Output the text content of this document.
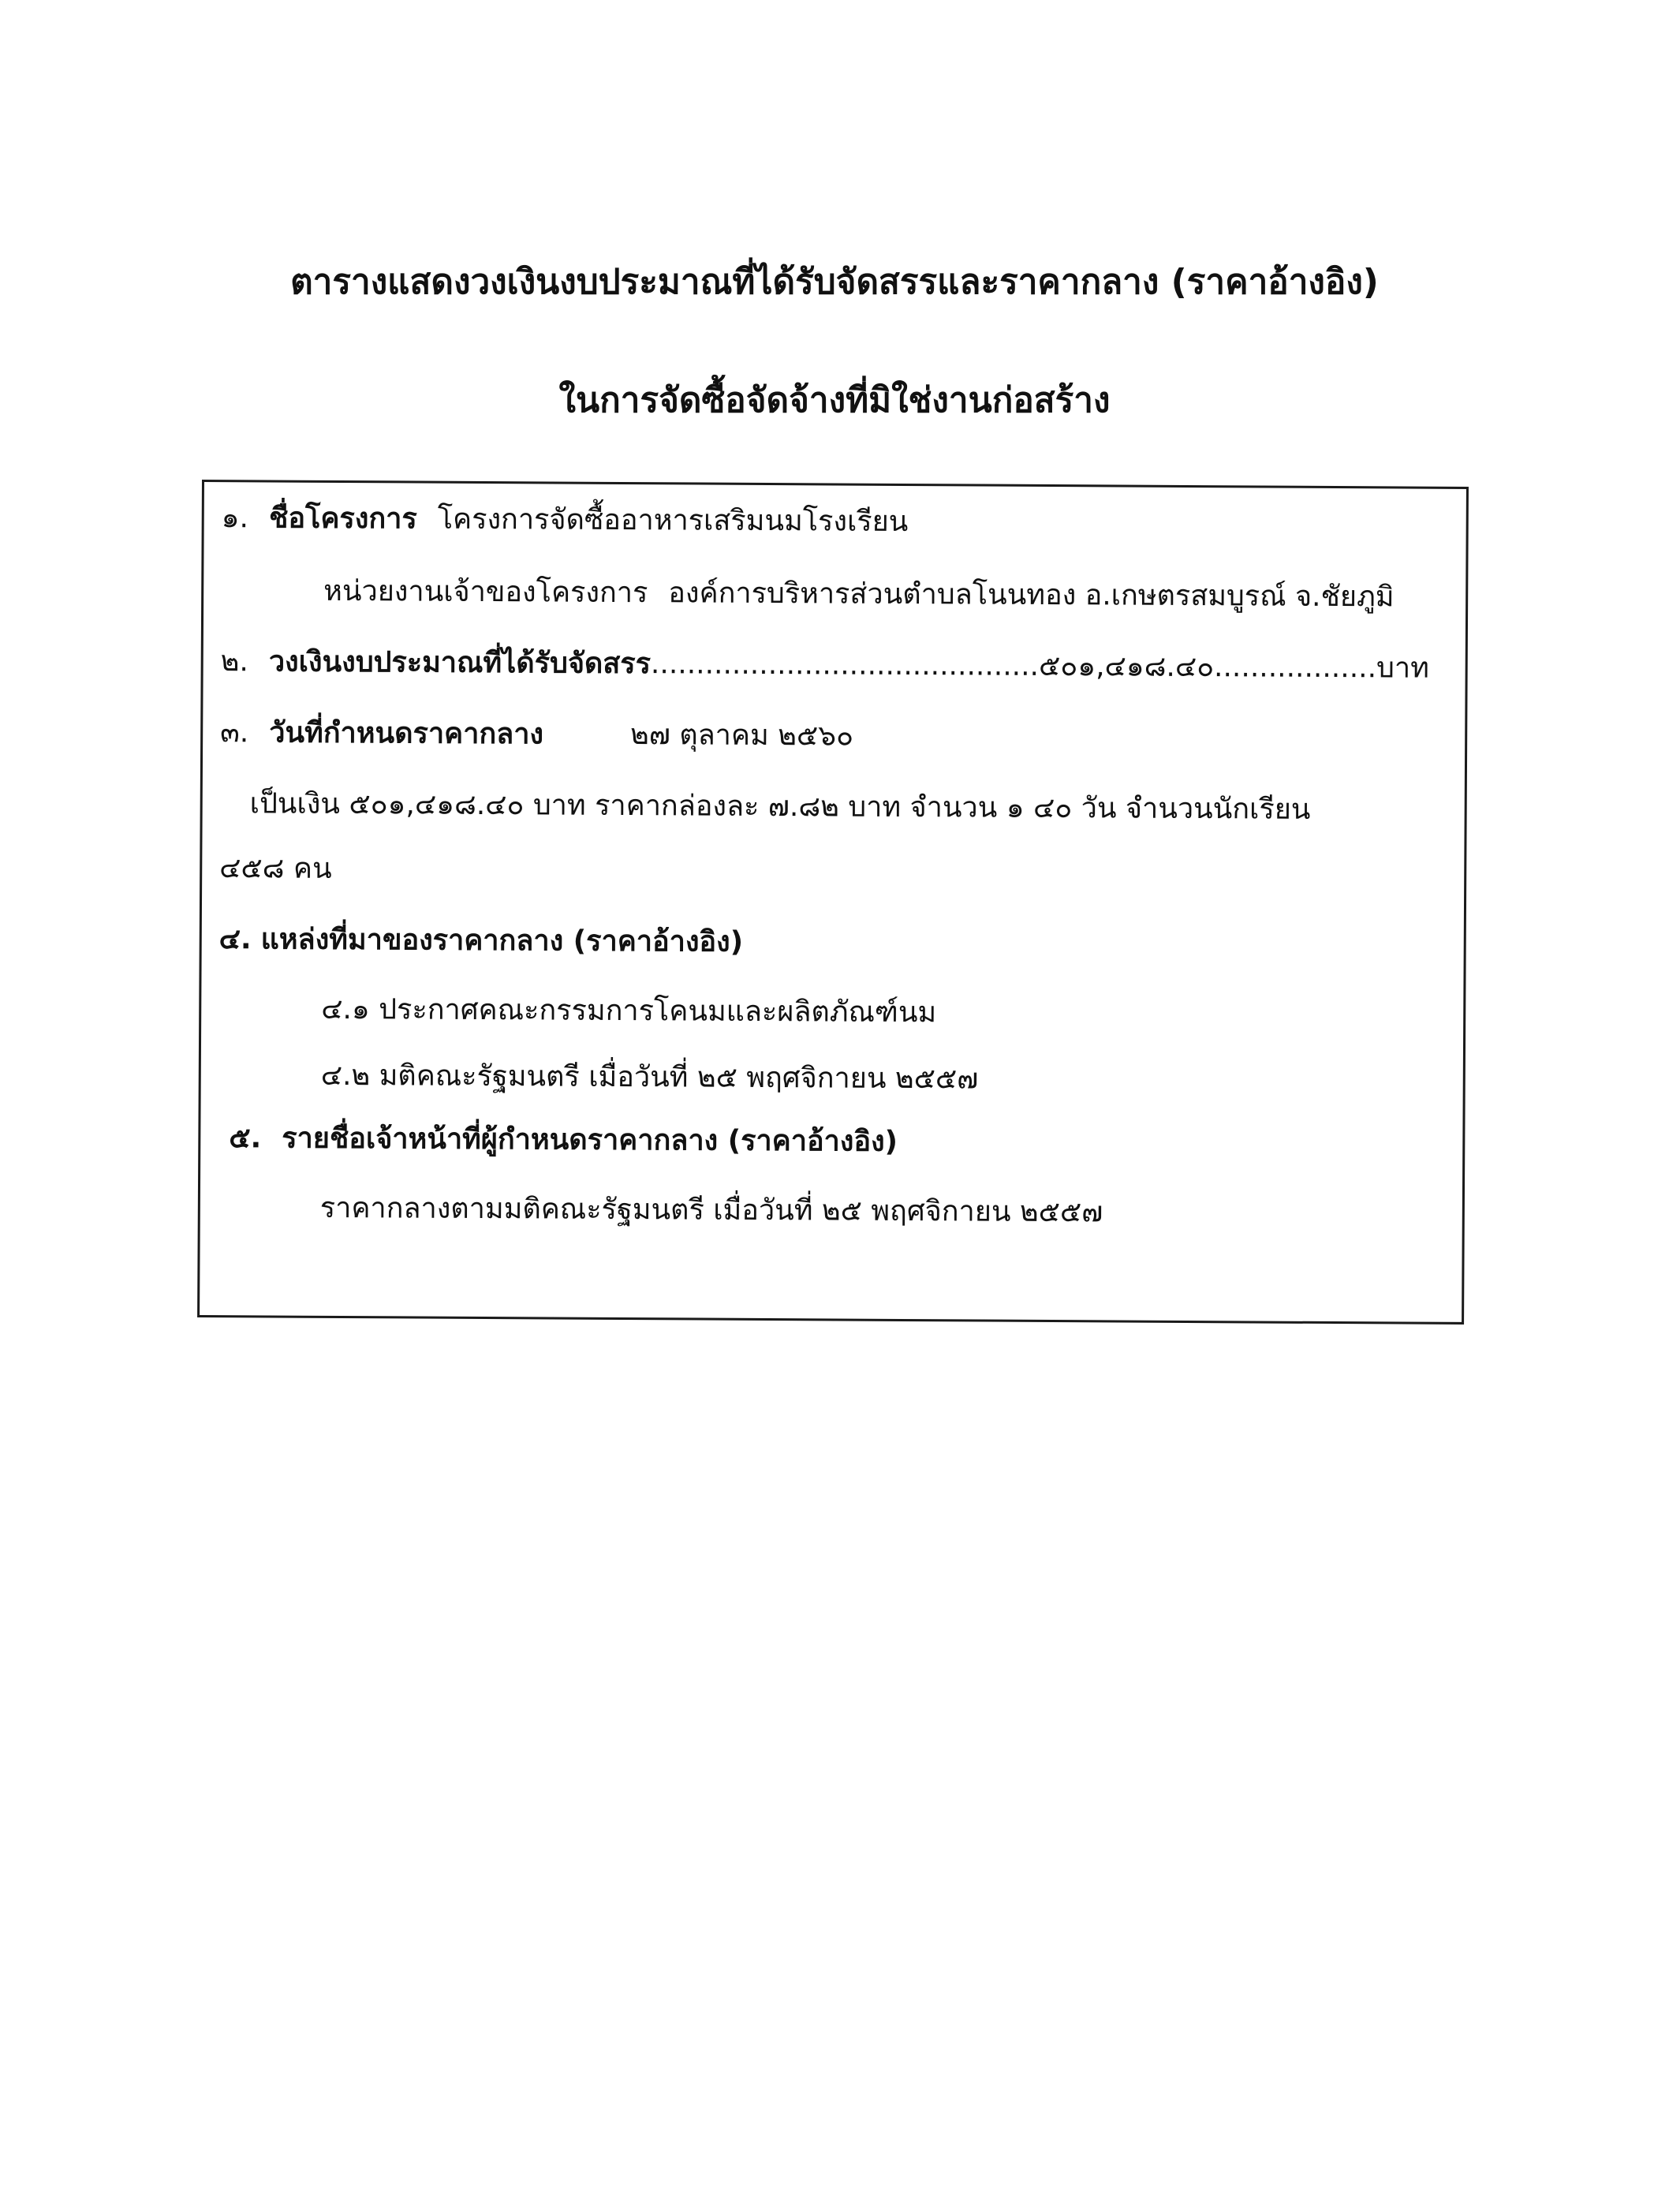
ตารางแสดงวงเงินงบประมาณที่ได้รับจัดสรรและราคากลาง (ราคาอ้างอิง)
ในการจัดซื้อจัดจ้างที่มิใช่งานก่อสร้าง
๑. ชื่อโครงการ โครงการจัดซื้ออาหารเสริมนมโรงเรียน
หน่วยงานเจ้าของโครงการ องค์การบริหารส่วนตำบลโนนทอง อ.เกษตรสมบูรณ์ จ.ชัยภูมิ
๒. วงเงินงบประมาณที่ได้รับจัดสรร...........................................๕๐๑,๔๑๘.๔๐..................บาท
๓. วันที่กำหนดราคากลาง	๒๗ ตุลาคม ๒๕๖๐
เป็นเงิน ๕๐๑,๔๑๘.๔๐ บาท ราคากล่องละ ๗.๘๒ บาท จำนวน ๑ ๔๐ วัน จำนวนนักเรียน
๔๕๘ คน
๔. แหล่งที่มาของราคากลาง (ราคาอ้างอิง)
๔.๑ ประกาศคณะกรรมการโคนมและผลิตภัณฑ์นม
๔.๒ มติคณะรัฐมนตรี เมื่อวันที่ ๒๕ พฤศจิกายน ๒๕๕๗
๕. รายชื่อเจ้าหน้าที่ผู้กำหนดราคากลาง (ราคาอ้างอิง)
ราคากลางตามมติคณะรัฐมนตรี เมื่อวันที่ ๒๕ พฤศจิกายน ๒๕๕๗
